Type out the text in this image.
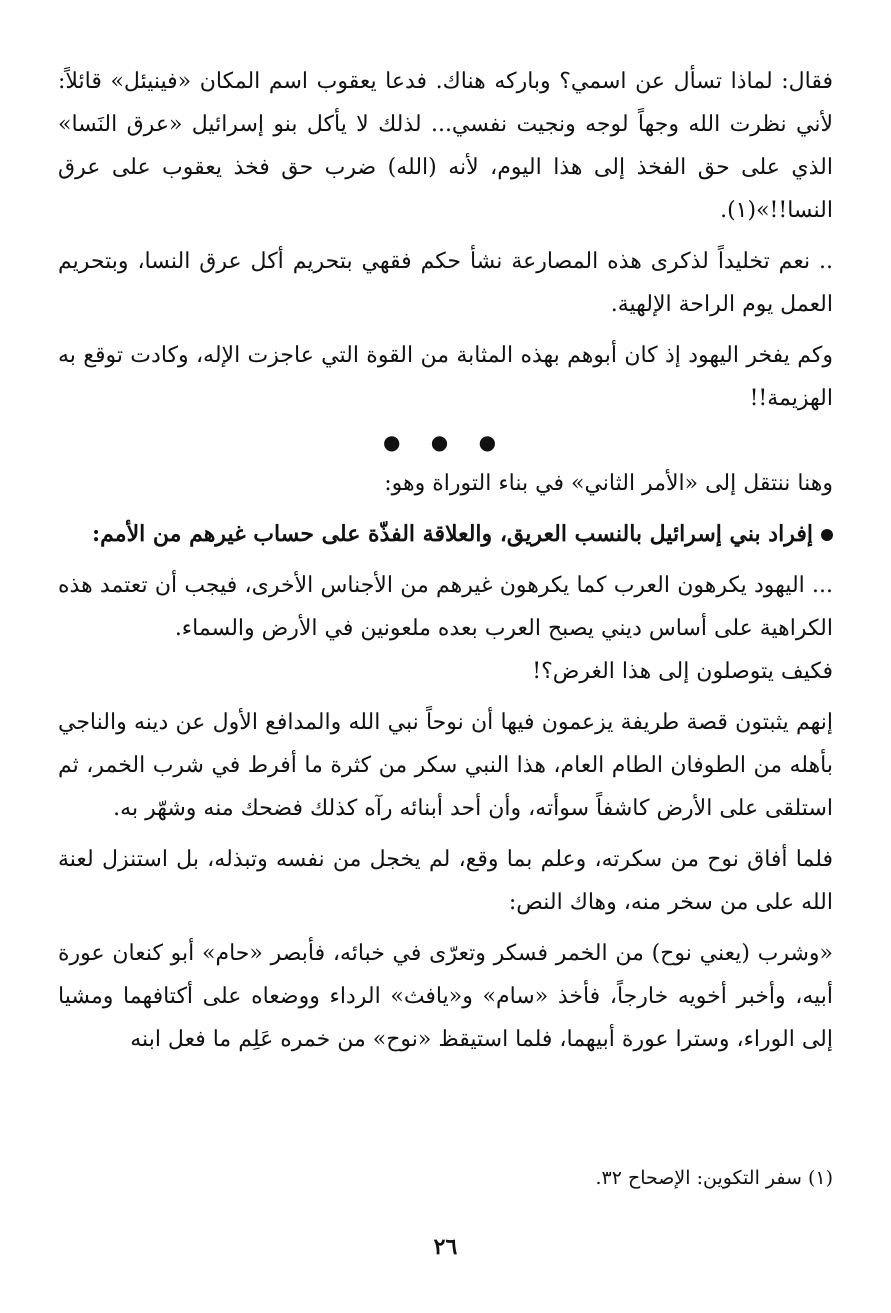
فقال: لماذا تسأل عن اسمي؟ وباركه هناك. فدعا يعقوب اسم المكان «فينيئل» قائلاً: لأني نظرت الله وجهاً لوجه ونجيت نفسي... لذلك لا يأكل بنو إسرائيل «عرق النَسا» الذي على حق الفخذ إلى هذا اليوم، لأنه (الله) ضرب حق فخذ يعقوب على عرق النسا!!»(١).

.. نعم تخليداً لذكرى هذه المصارعة نشأ حكم فقهي بتحريم أكل عرق النسا، وبتحريم العمل يوم الراحة الإلهية.

وكم يفخر اليهود إذ كان أبوهم بهذه المثابة من القوة التي عاجزت الإله، وكادت توقع به الهزيمة!!

● ● ●

وهنا ننتقل إلى «الأمر الثاني» في بناء التوراة وهو:

إفراد بني إسرائيل بالنسب العريق، والعلاقة الفذّة على حساب غيرهم من الأمم:

... اليهود يكرهون العرب كما يكرهون غيرهم من الأجناس الأخرى، فيجب أن تعتمد هذه الكراهية على أساس ديني يصبح العرب بعده ملعونين في الأرض والسماء.

فكيف يتوصلون إلى هذا الغرض؟!

إنهم يثبتون قصة طريفة يزعمون فيها أن نوحاً نبي الله والمدافع الأول عن دينه والناجي بأهله من الطوفان الطام العام، هذا النبي سكر من كثرة ما أفرط في شرب الخمر، ثم استلقى على الأرض كاشفاً سوأته، وأن أحد أبنائه رآه كذلك فضحك منه وشهّر به.

فلما أفاق نوح من سكرته، وعلم بما وقع، لم يخجل من نفسه وتبذله، بل استنزل لعنة الله على من سخر منه، وهاك النص:

«وشرب (يعني نوح) من الخمر فسكر وتعرّى في خبائه، فأبصر «حام» أبو كنعان عورة أبيه، وأخبر أخويه خارجاً، فأخذ «سام» و«يافث» الرداء ووضعاه على أكتافهما ومشيا إلى الوراء، وسترا عورة أبيهما، فلما استيقظ «نوح» من خمره عَلِم ما فعل ابنه

(١) سفر التكوين: الإصحاح ٣٢.
٢٦
